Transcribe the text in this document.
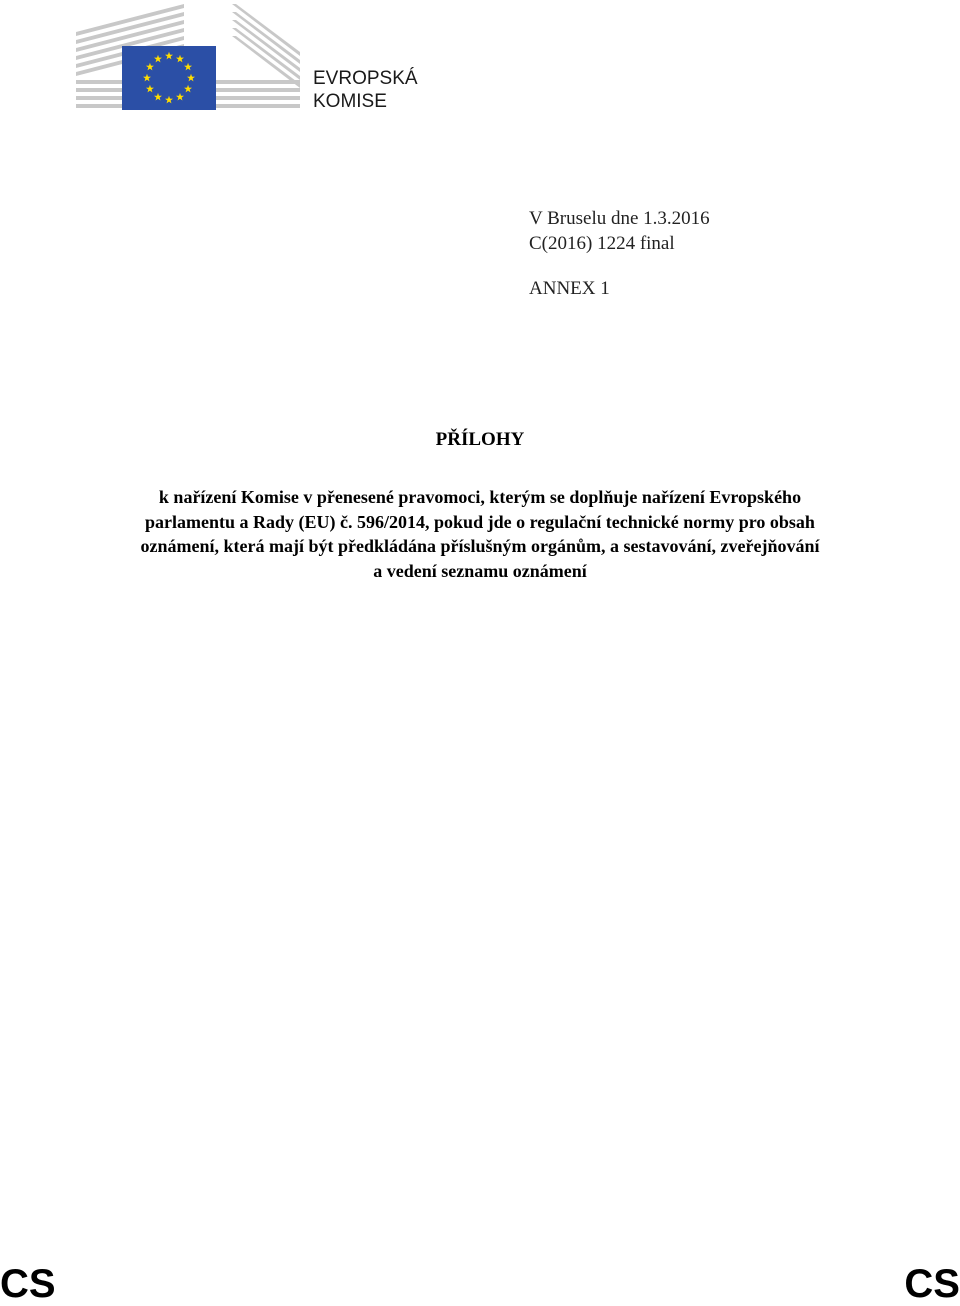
EVROPSKÁ
KOMISE
V Bruselu dne 1.3.2016
C(2016) 1224 final
ANNEX 1
PŘÍLOHY
k nařízení Komise v přenesené pravomoci, kterým se doplňuje nařízení Evropského
parlamentu a Rady (EU) č. 596/2014, pokud jde o regulační technické normy pro obsah
oznámení, která mají být předkládána příslušným orgánům, a sestavování, zveřejňování
a vedení seznamu oznámení
CS	CS
